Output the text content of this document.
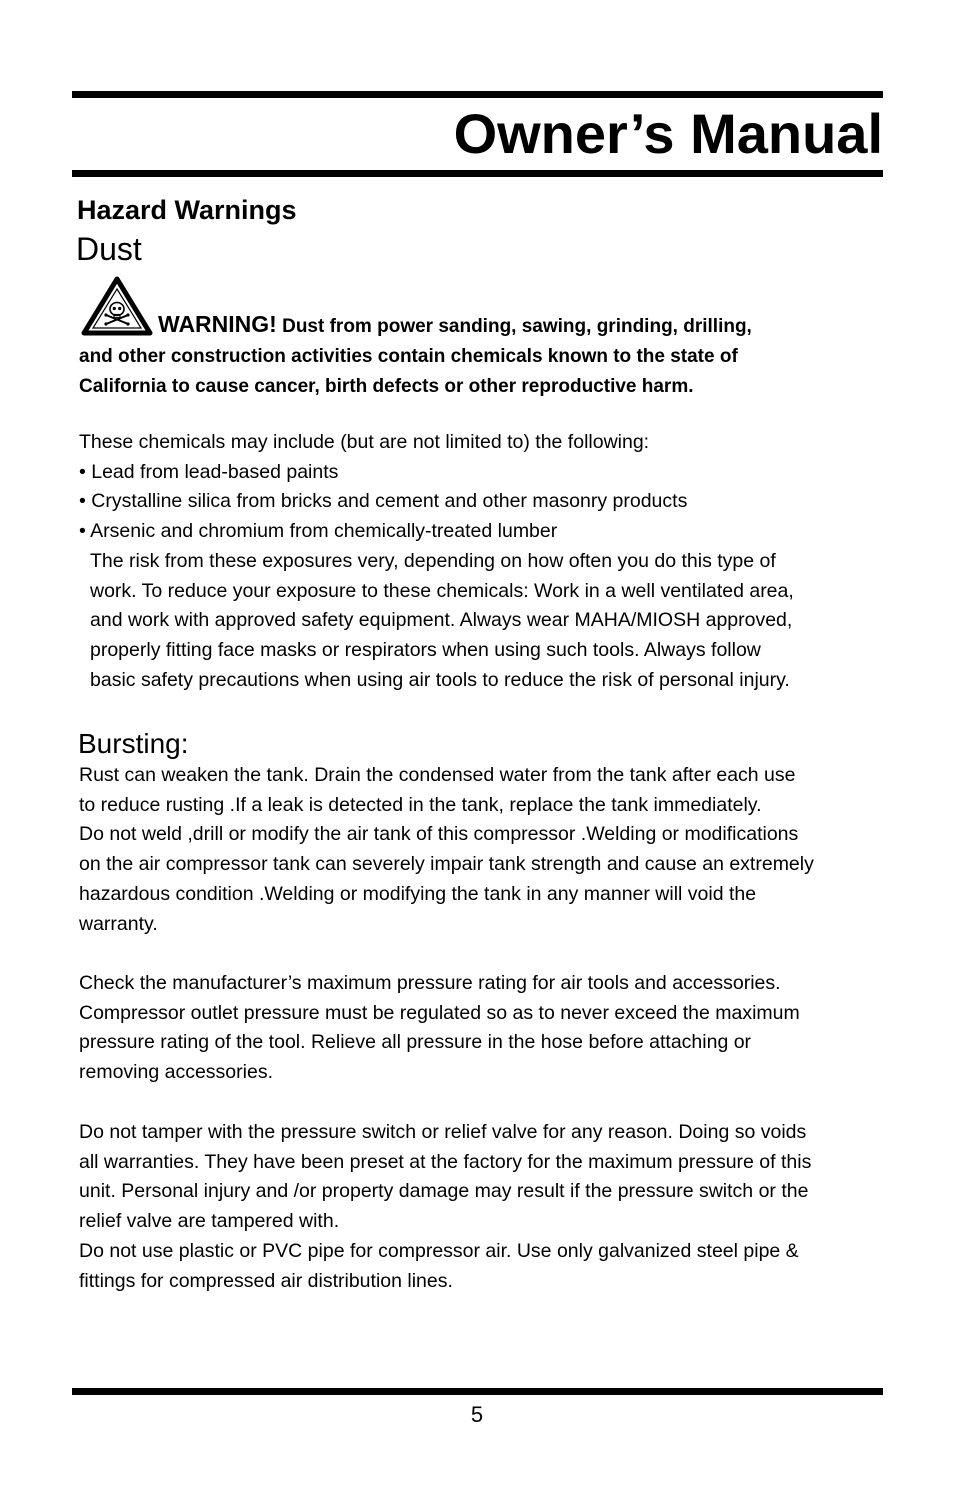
Owner’s Manual
Hazard Warnings
Dust
WARNING! Dust from power sanding, sawing, grinding, drilling,
and other construction activities contain chemicals known to the state of
California to cause cancer, birth defects or other reproductive harm.

These chemicals may include (but are not limited to) the following:

• Lead from lead-based paints

• Crystalline silica from bricks and cement and other masonry products

• Arsenic and chromium from chemically-treated lumber

The risk from these exposures very, depending on how often you do this type of

work. To reduce your exposure to these chemicals: Work in a well ventilated area,

and work with approved safety equipment. Always wear MAHA/MIOSH approved,

properly fitting face masks or respirators when using such tools. Always follow

basic safety precautions when using air tools to reduce the risk of personal injury.

Bursting:

Rust can weaken the tank. Drain the condensed water from the tank after each use

to reduce rusting .If a leak is detected in the tank, replace the tank immediately.

Do not weld ,drill or modify the air tank of this compressor .Welding or modifications

on the air compressor tank can severely impair tank strength and cause an extremely

hazardous condition .Welding or modifying the tank in any manner will void the

warranty.

Check the manufacturer’s maximum pressure rating for air tools and accessories.

Compressor outlet pressure must be regulated so as to never exceed the maximum

pressure rating of the tool. Relieve all pressure in the hose before attaching or

removing accessories.

Do not tamper with the pressure switch or relief valve for any reason. Doing so voids

all warranties. They have been preset at the factory for the maximum pressure of this

unit. Personal injury and /or property damage may result if the pressure switch or the

relief valve are tampered with.

Do not use plastic or PVC pipe for compressor air. Use only galvanized steel pipe &

fittings for compressed air distribution lines.

5
